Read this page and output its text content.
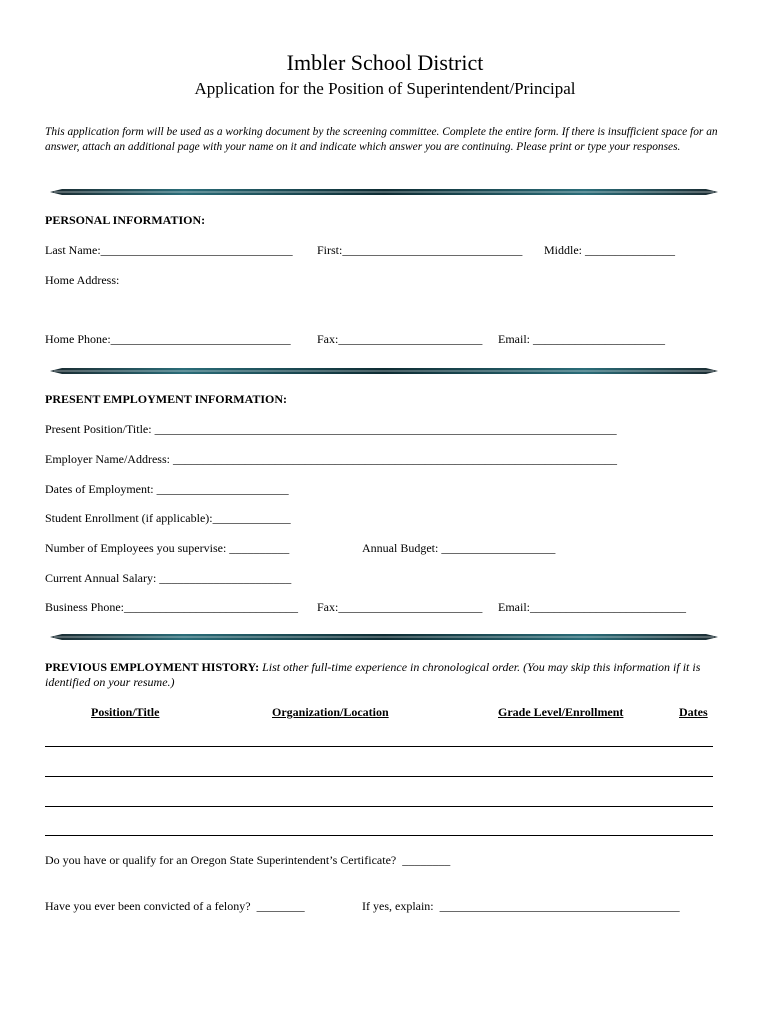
Imbler School District
Application for the Position of Superintendent/Principal
This application form will be used as a working document by the screening committee. Complete the entire form. If there is insufficient space for an answer, attach an additional page with your name on it and indicate which answer you are continuing. Please print or type your responses.
PERSONAL INFORMATION:
Last Name:________________________________ First:______________________________ Middle: _______________
Home Address:
Home Phone:______________________________ Fax:________________________ Email: ______________________
PRESENT EMPLOYMENT INFORMATION:
Present Position/Title: _____________________________________________________________________________
Employer Name/Address: __________________________________________________________________________
Dates of Employment: ______________________
Student Enrollment (if applicable):_____________
Number of Employees you supervise: __________	Annual Budget: ___________________
Current Annual Salary: ______________________
Business Phone:_____________________________ Fax:________________________ Email:__________________________
PREVIOUS EMPLOYMENT HISTORY: List other full-time experience in chronological order. (You may skip this information if it is identified on your resume.)
Position/Title	Organization/Location	Grade Level/Enrollment	Dates
Do you have or qualify for an Oregon State Superintendent’s Certificate?  ________
Have you ever been convicted of a felony?  ________	If yes, explain:  ________________________________________
